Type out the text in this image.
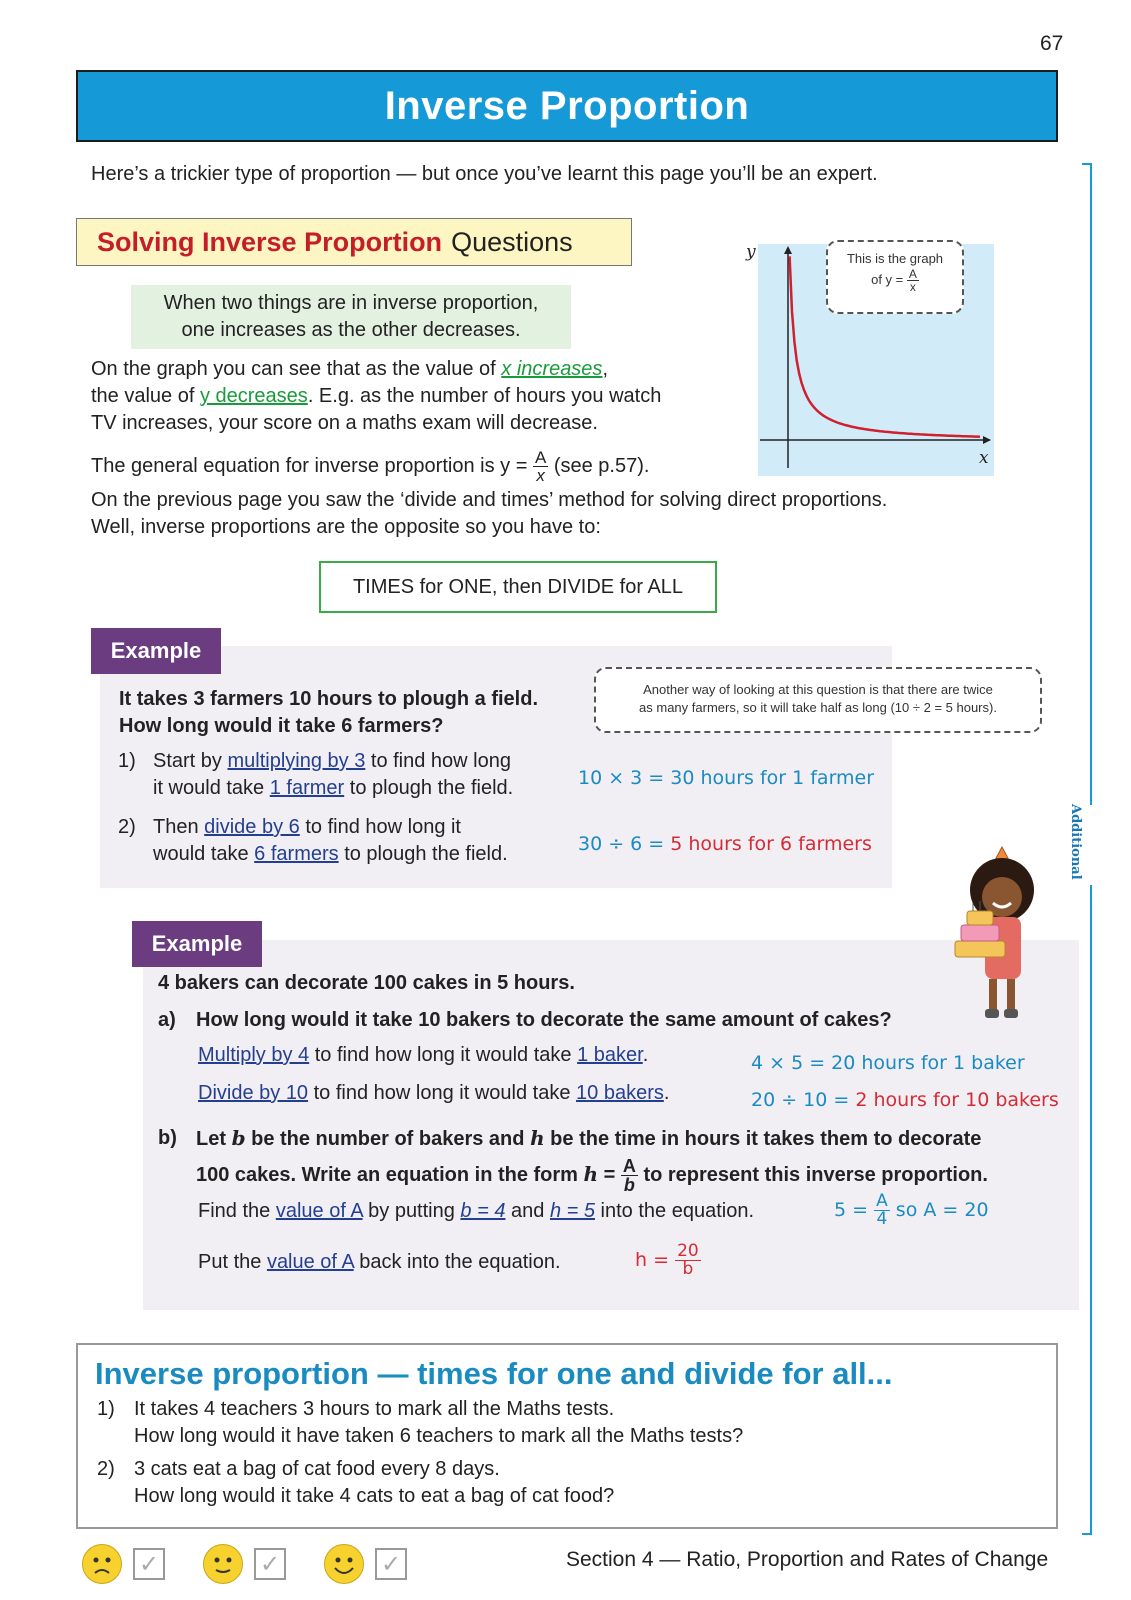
67
Inverse Proportion
Here’s a trickier type of proportion — but once you’ve learnt this page you’ll be an expert.
Additional
Solving Inverse Proportion Questions
When two things are in inverse proportion,
one increases as the other decreases.
On the graph you can see that as the value of x increases,
the value of y decreases. E.g. as the number of hours you watch
TV increases, your score on a maths exam will decrease.
The general equation for inverse proportion is $y = \frac{A}{x} (see$ p.57).
On the previous page you saw the ‘divide and times’ method for solving direct proportions.
Well, inverse proportions are the opposite so you have to:
TIMES for ONE, then DIVIDE for ALL
y
x
This is the graph
of $y = \frac{A}{x}$
Example
Another way of looking at this question is that there are twice
as many farmers, so it will take half as long (10 ÷ 2 = 5 hours).
It takes 3 farmers 10 hours to plough a field.
How long would it take 6 farmers?
1) Start by multiplying by 3 to find how long
it would take 1 farmer to plough the field.	10 × 3 = 30 hours for 1 farmer
2) Then divide by 6 to find how long it
would take 6 farmers to plough the field.	30 ÷ 6 = 5 hours for 6 farmers
Example
4 bakers can decorate 100 cakes in 5 hours.
a) How long would it take 10 bakers to decorate the same amount of cakes?
Multiply by 4 to find how long it would take 1 baker.	4 × 5 = 20 hours for 1 baker
Divide by 10 to find how long it would take 10 bakers.	20 ÷ 10 = 2 hours for 10 bakers
b) Let b be the number of bakers and h be the time in hours it takes them to decorate
100 cakes. Write an equation in the form $h = \frac{A}{b}$ to represent this inverse proportion.
Find the value of A by putting b = 4 and h = 5 into the equation.	$5 = \frac{A}{4}$ so A = 20
Put the value of A back into the equation.	$h = \frac{20}{b}$
Inverse proportion — times for one and divide for all...
1) It takes 4 teachers 3 hours to mark all the Maths tests.
How long would it have taken 6 teachers to mark all the Maths tests?
2) 3 cats eat a bag of cat food every 8 days.
How long would it take 4 cats to eat a bag of cat food?
✓	✓	✓	Section 4 — Ratio, Proportion and Rates of Change
